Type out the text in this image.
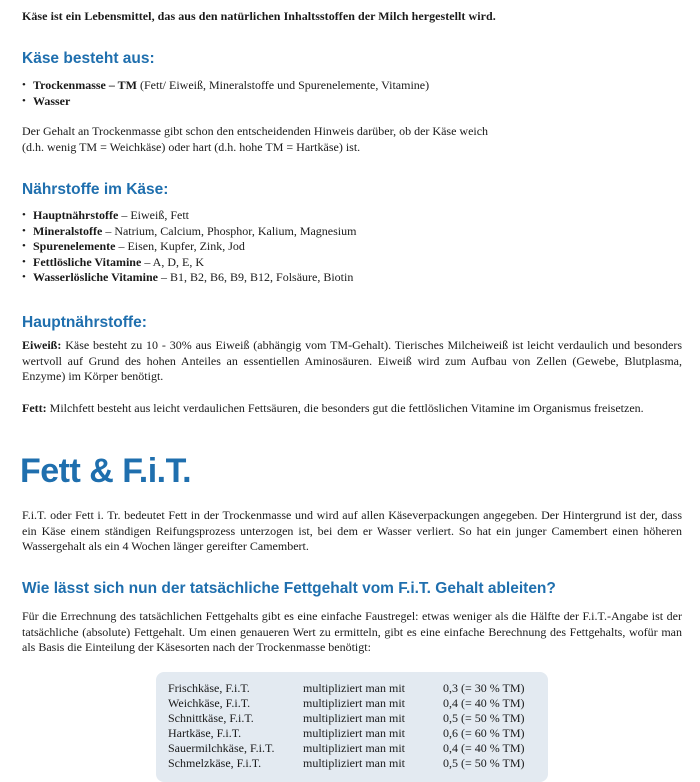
Käse ist ein Lebensmittel, das aus den natürlichen Inhaltsstoffen der Milch hergestellt wird.
Käse besteht aus:
• Trockenmasse – TM (Fett/ Eiweiß, Mineralstoffe und Spurenelemente, Vitamine)
• Wasser

Der Gehalt an Trockenmasse gibt schon den entscheidenden Hinweis darüber, ob der Käse weich
(d.h. wenig TM = Weichkäse) oder hart (d.h. hohe TM = Hartkäse) ist.

Nährstoffe im Käse:
• Hauptnährstoffe – Eiweiß, Fett
• Mineralstoffe – Natrium, Calcium, Phosphor, Kalium, Magnesium
• Spurenelemente – Eisen, Kupfer, Zink, Jod
• Fettlösliche Vitamine – A, D, E, K
• Wasserlösliche Vitamine – B1, B2, B6, B9, B12, Folsäure, Biotin
Hauptnährstoffe:

Eiweiß: Käse besteht zu 10 - 30% aus Eiweiß (abhängig vom TM-Gehalt). Tierisches Milcheiweiß ist leicht verdaulich und besonders wertvoll auf Grund des hohen Anteiles an essentiellen Aminosäuren. Eiweiß wird zum Aufbau von Zellen (Gewebe, Blutplasma, Enzyme) im Körper benötigt.

Fett: Milchfett besteht aus leicht verdaulichen Fettsäuren, die besonders gut die fettlöslichen Vitamine im Organismus freisetzen.

Fett & F.i.T.

F.i.T. oder Fett i. Tr. bedeutet Fett in der Trockenmasse und wird auf allen Käseverpackungen angegeben. Der Hintergrund ist der, dass ein Käse einem ständigen Reifungsprozess unterzogen ist, bei dem er Wasser verliert. So hat ein junger Camembert einen höheren Wassergehalt als ein 4 Wochen länger gereifter Camembert.

Wie lässt sich nun der tatsächliche Fettgehalt vom F.i.T. Gehalt ableiten?

Für die Errechnung des tatsächlichen Fettgehalts gibt es eine einfache Faustregel: etwas weniger als die Hälfte der F.i.T.-Angabe ist der tatsächliche (absolute) Fettgehalt. Um einen genaueren Wert zu ermitteln, gibt es eine einfache Berechnung des Fettgehalts, wofür man als Basis die Einteilung der Käsesorten nach der Trockenmasse benötigt:

Frischkäse, F.i.T.	multipliziert man mit	0,3 (= 30 % TM)
Weichkäse, F.i.T.	multipliziert man mit	0,4 (= 40 % TM)
Schnittkäse, F.i.T.	multipliziert man mit	0,5 (= 50 % TM)
Hartkäse, F.i.T.	multipliziert man mit	0,6 (= 60 % TM)
Sauermilchkäse, F.i.T. multipliziert man mit	0,4 (= 40 % TM)
Schmelzkäse, F.i.T.	multipliziert man mit	0,5 (= 50 % TM)
